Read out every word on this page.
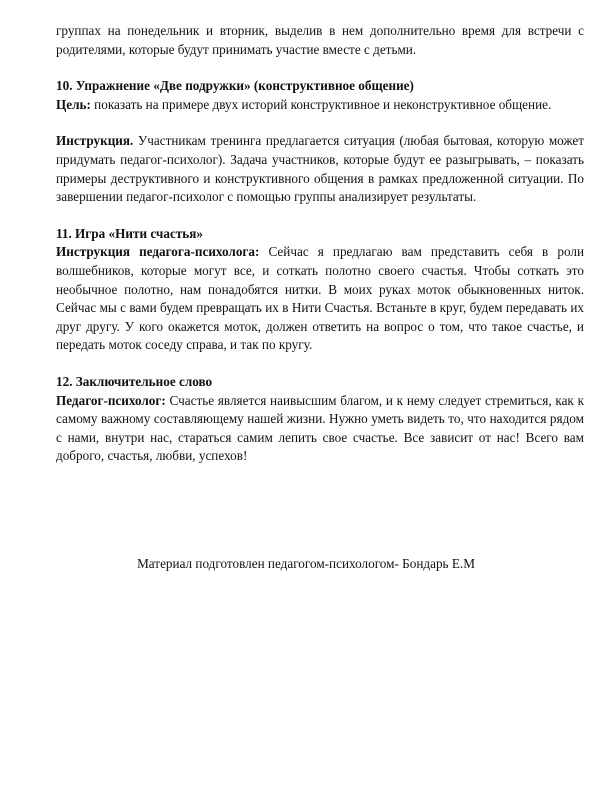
группах на понедельник и вторник, выделив в нем дополнительно время для встречи с родителями, которые будут принимать участие вместе с детьми.

10. Упражнение «Две подружки» (конструктивное общение)

Цель: показать на примере двух историй конструктивное и неконструктивное общение.

Инструкция. Участникам тренинга предлагается ситуация (любая бытовая, которую может придумать педагог-психолог). Задача участников, которые будут ее разыгрывать, – показать примеры деструктивного и конструктивного общения в рамках предложенной ситуации. По завершении педагог-психолог с помощью группы анализирует результаты.

11. Игра «Нити счастья»

Инструкция педагога-психолога: Сейчас я предлагаю вам представить себя в роли волшебников, которые могут все, и соткать полотно своего счастья. Чтобы соткать это необычное полотно, нам понадобятся нитки. В моих руках моток обыкновенных ниток. Сейчас мы с вами будем превращать их в Нити Счастья. Встаньте в круг, будем передавать их друг другу. У кого окажется моток, должен ответить на вопрос о том, что такое счастье, и передать моток соседу справа, и так по кругу.

12. Заключительное слово

Педагог-психолог: Счастье является наивысшим благом, и к нему следует стремиться, как к самому важному составляющему нашей жизни. Нужно уметь видеть то, что находится рядом с нами, внутри нас, стараться самим лепить свое счастье. Все зависит от нас! Всего вам доброго, счастья, любви, успехов!

Материал подготовлен педагогом-психологом- Бондарь Е.М
